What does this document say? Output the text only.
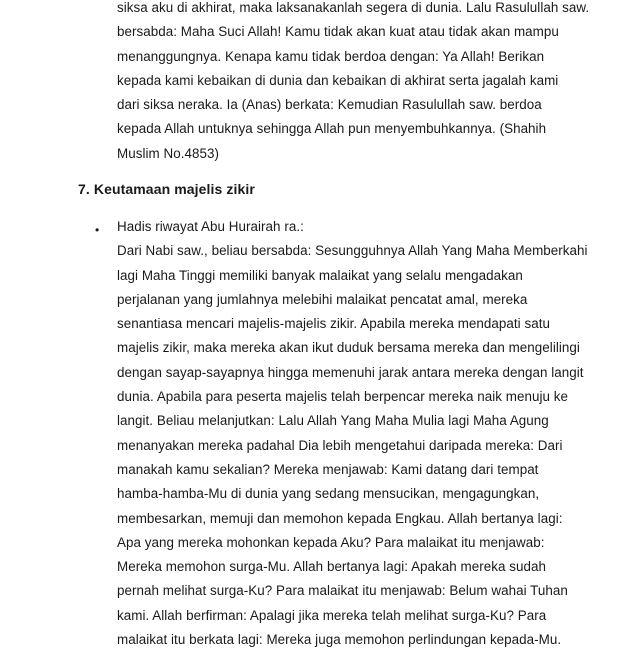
siksa aku di akhirat, maka laksanakanlah segera di dunia. Lalu Rasulullah saw.
bersabda: Maha Suci Allah! Kamu tidak akan kuat atau tidak akan mampu
menanggungnya. Kenapa kamu tidak berdoa dengan: Ya Allah! Berikan
kepada kami kebaikan di dunia dan kebaikan di akhirat serta jagalah kami
dari siksa neraka. Ia (Anas) berkata: Kemudian Rasulullah saw. berdoa
kepada Allah untuknya sehingga Allah pun menyembuhkannya. (Shahih
Muslim No.4853)
7. Keutamaan majelis zikir
• Hadis riwayat Abu Hurairah ra.:
Dari Nabi saw., beliau bersabda: Sesungguhnya Allah Yang Maha Memberkahi
lagi Maha Tinggi memiliki banyak malaikat yang selalu mengadakan
perjalanan yang jumlahnya melebihi malaikat pencatat amal, mereka
senantiasa mencari majelis-majelis zikir. Apabila mereka mendapati satu
majelis zikir, maka mereka akan ikut duduk bersama mereka dan mengelilingi
dengan sayap-sayapnya hingga memenuhi jarak antara mereka dengan langit
dunia. Apabila para peserta majelis telah berpencar mereka naik menuju ke
langit. Beliau melanjutkan: Lalu Allah Yang Maha Mulia lagi Maha Agung
menanyakan mereka padahal Dia lebih mengetahui daripada mereka: Dari
manakah kamu sekalian? Mereka menjawab: Kami datang dari tempat
hamba-hamba-Mu di dunia yang sedang mensucikan, mengagungkan,
membesarkan, memuji dan memohon kepada Engkau. Allah bertanya lagi:
Apa yang mereka mohonkan kepada Aku? Para malaikat itu menjawab:
Mereka memohon surga-Mu. Allah bertanya lagi: Apakah mereka sudah
pernah melihat surga-Ku? Para malaikat itu menjawab: Belum wahai Tuhan
kami. Allah berfirman: Apalagi jika mereka telah melihat surga-Ku? Para
malaikat itu berkata lagi: Mereka juga memohon perlindungan kepada-Mu.
